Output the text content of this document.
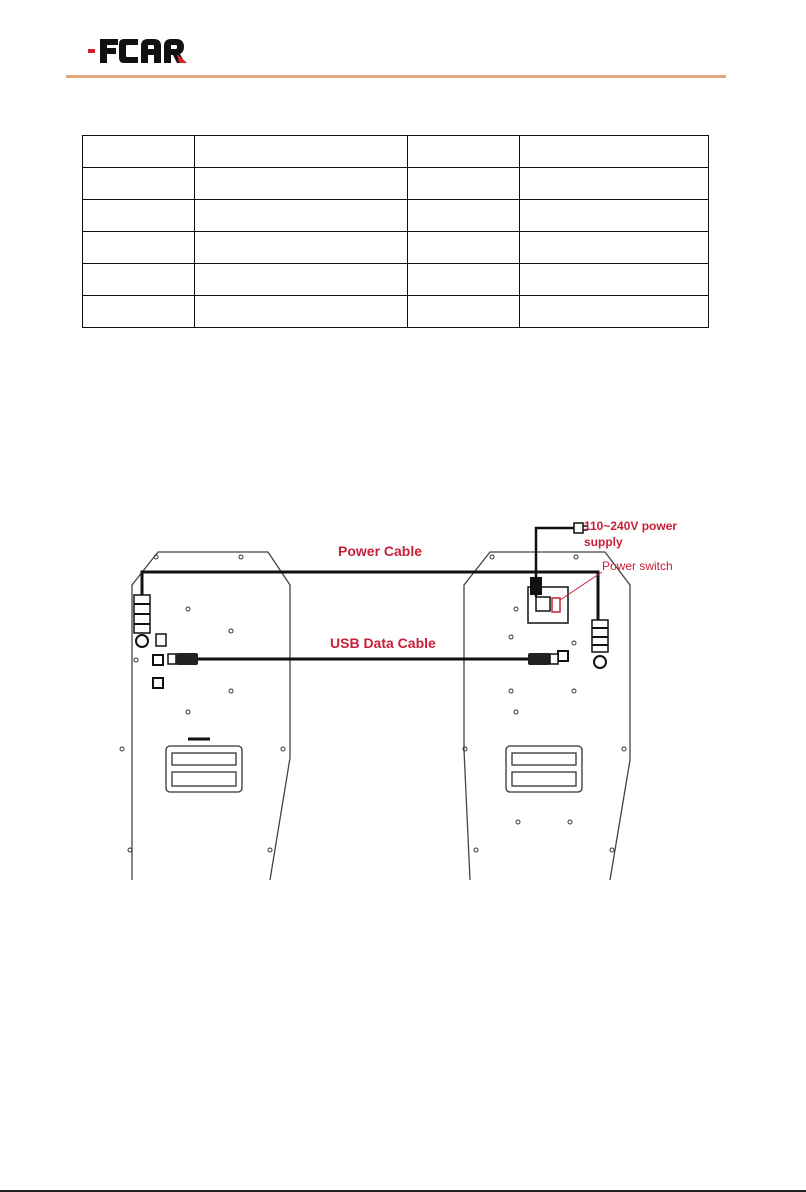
Power Cable
USB Data Cable
110~240V power
supply
Power switch
